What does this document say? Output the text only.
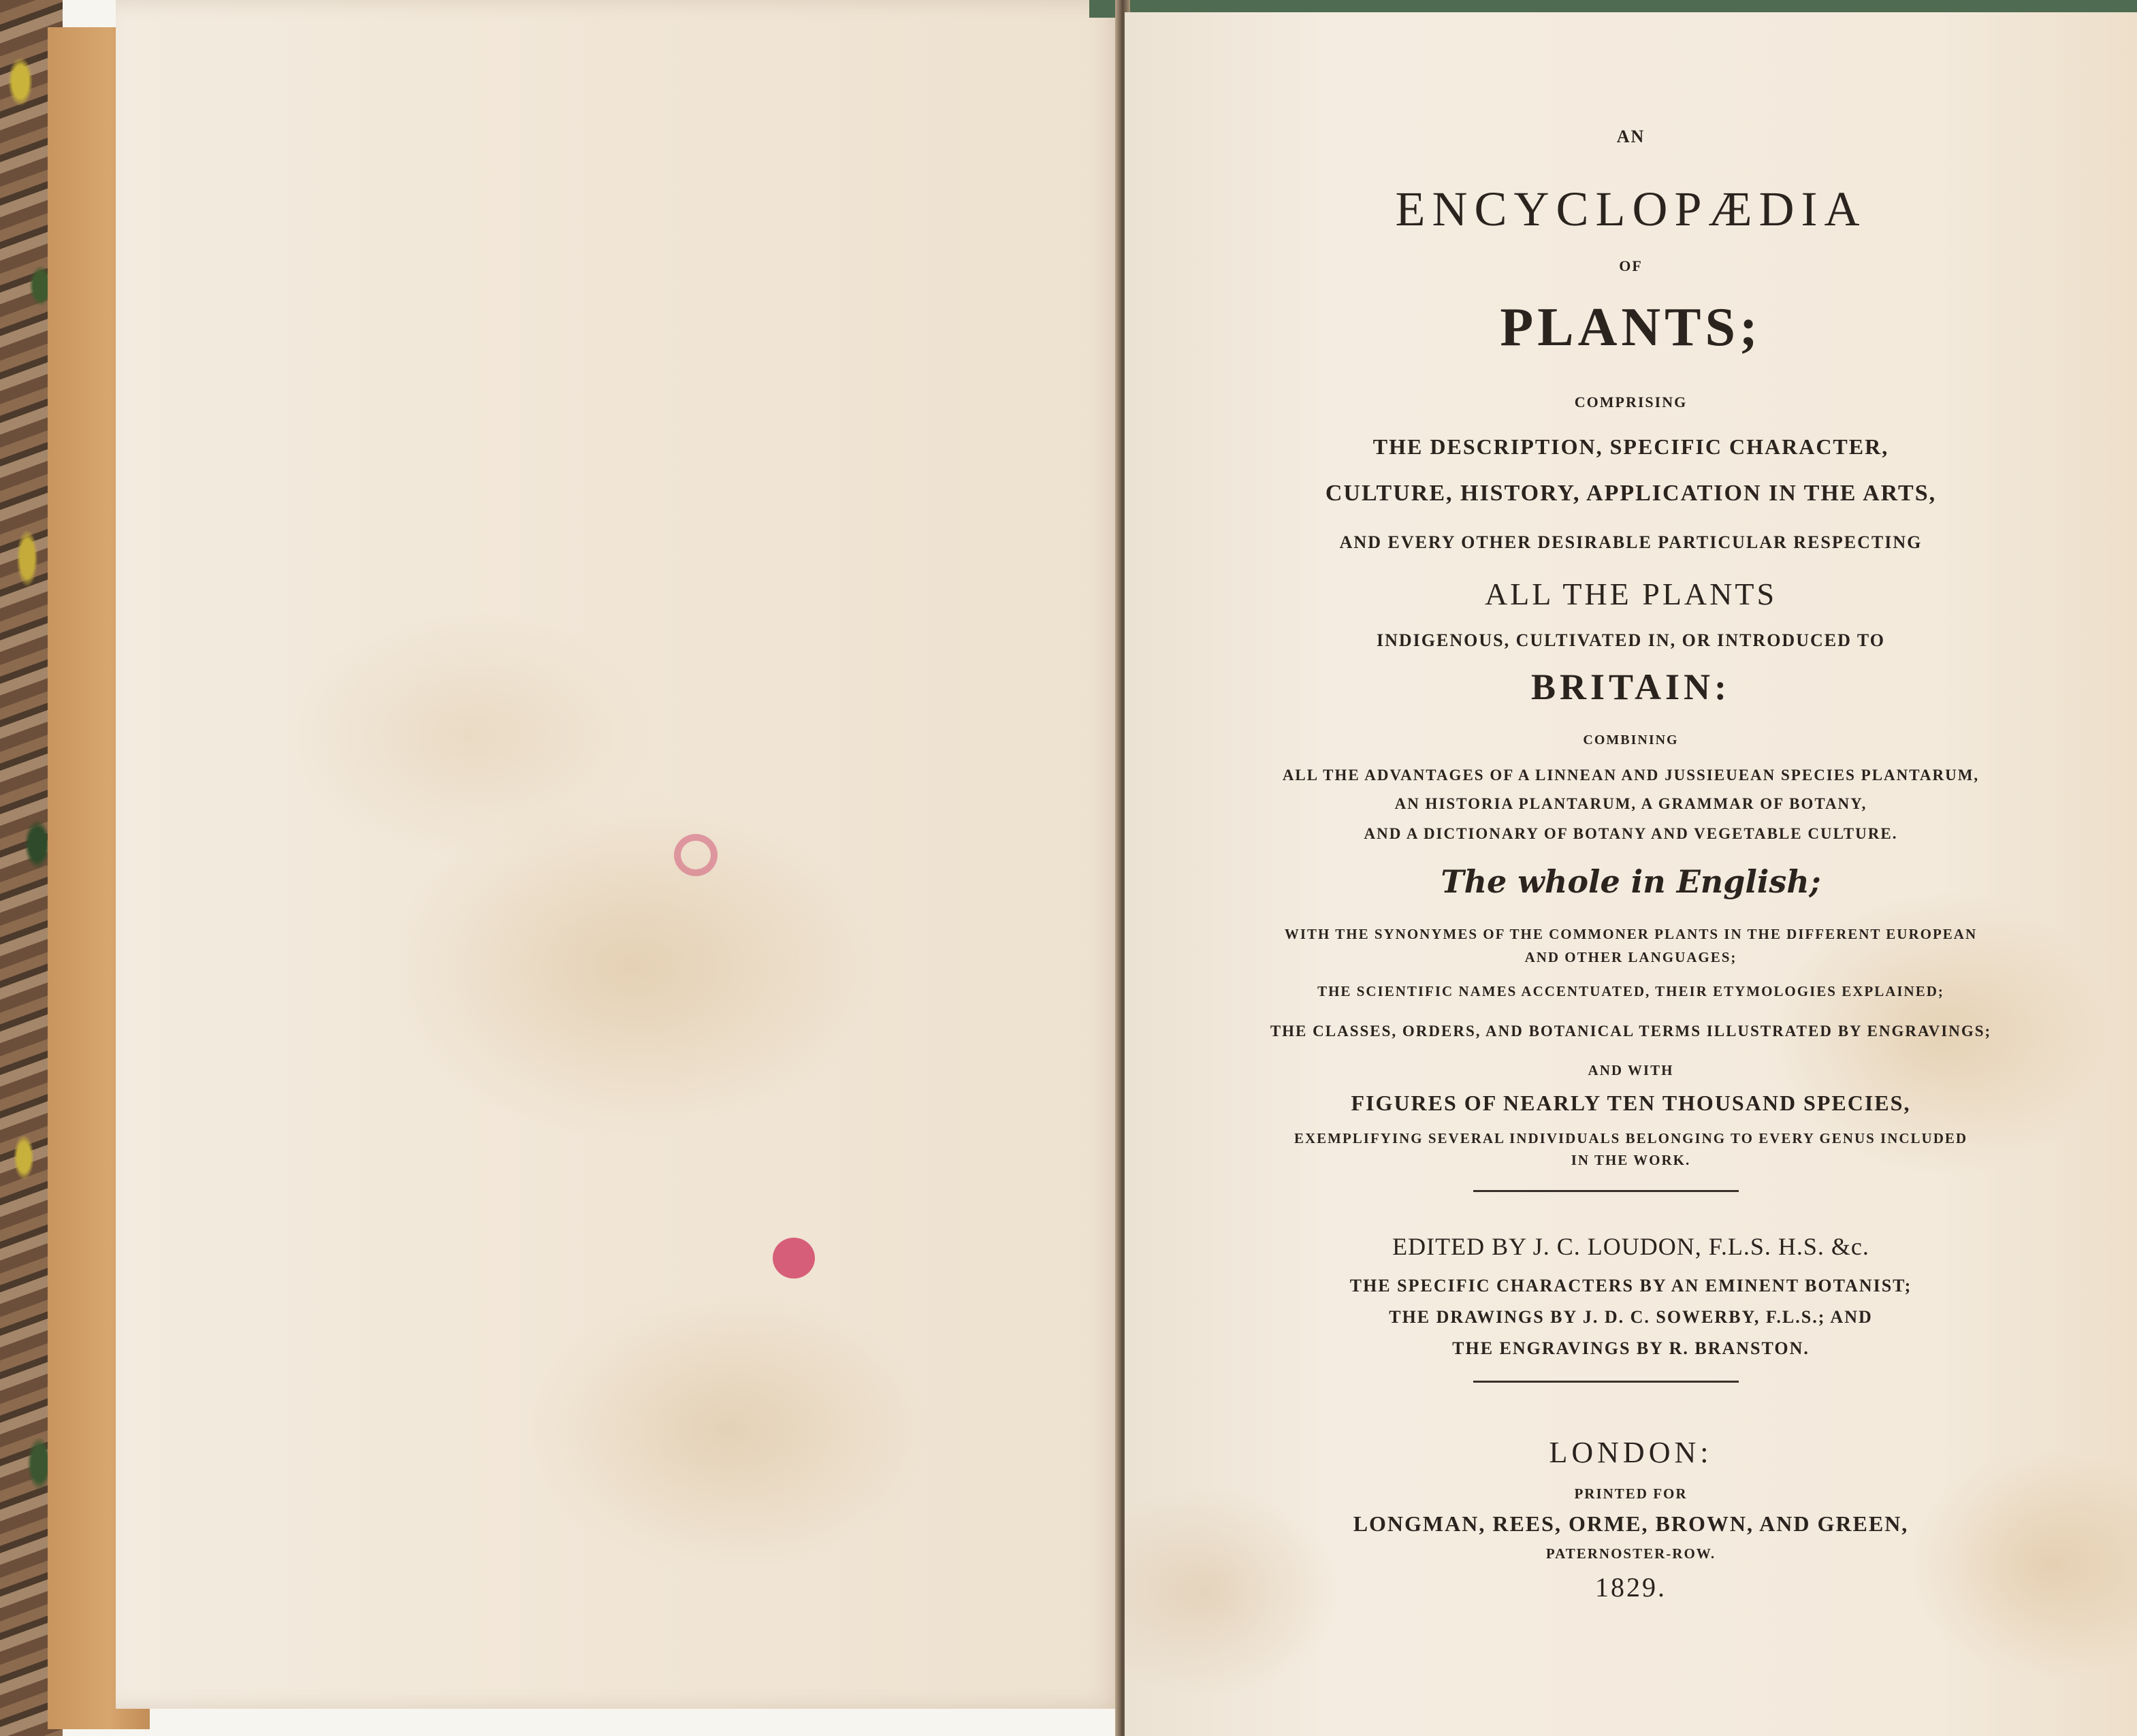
AN
ENCYCLOPÆDIA
OF
PLANTS;
COMPRISING
THE DESCRIPTION, SPECIFIC CHARACTER,
CULTURE, HISTORY, APPLICATION IN THE ARTS,
AND EVERY OTHER DESIRABLE PARTICULAR RESPECTING
ALL THE PLANTS
INDIGENOUS, CULTIVATED IN, OR INTRODUCED TO
BRITAIN:
COMBINING
ALL THE ADVANTAGES OF A LINNEAN AND JUSSIEUEAN SPECIES PLANTARUM,
AN HISTORIA PLANTARUM, A GRAMMAR OF BOTANY,
AND A DICTIONARY OF BOTANY AND VEGETABLE CULTURE.
The whole in English;
WITH THE SYNONYMES OF THE COMMONER PLANTS IN THE DIFFERENT EUROPEAN
AND OTHER LANGUAGES;
THE SCIENTIFIC NAMES ACCENTUATED, THEIR ETYMOLOGIES EXPLAINED;
THE CLASSES, ORDERS, AND BOTANICAL TERMS ILLUSTRATED BY ENGRAVINGS;
AND WITH
FIGURES OF NEARLY TEN THOUSAND SPECIES,
EXEMPLIFYING SEVERAL INDIVIDUALS BELONGING TO EVERY GENUS INCLUDED
IN THE WORK.
EDITED BY J. C. LOUDON, F.L.S. H.S. &c.
THE SPECIFIC CHARACTERS BY AN EMINENT BOTANIST;
THE DRAWINGS BY J. D. C. SOWERBY, F.L.S.; AND
THE ENGRAVINGS BY R. BRANSTON.
LONDON:
PRINTED FOR
LONGMAN, REES, ORME, BROWN, AND GREEN,
PATERNOSTER-ROW.
1829.
